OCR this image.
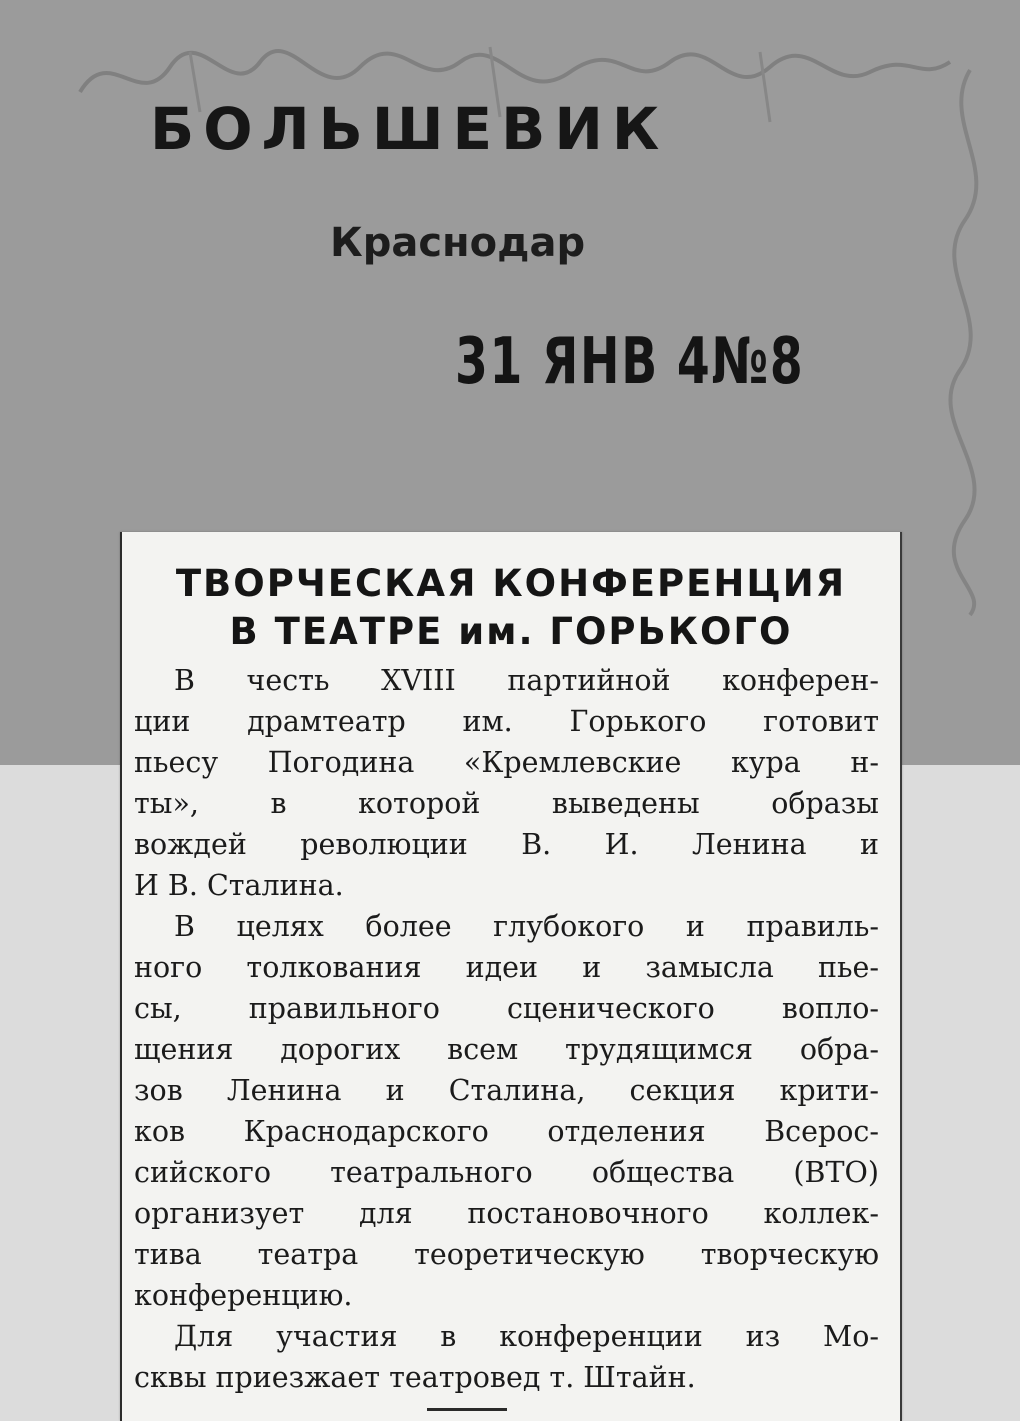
БОЛЬШЕВИК
Краснодар
31 ЯНВ 4№8
ТВОРЧЕСКАЯ КОНФЕРЕНЦИЯ
В ТЕАТРЕ им. ГОРЬКОГО
В честь XVIII партийной конферен-
ции драмтеатр им. Горького готовит
пьесу Погодина «Кремлевские кура н-
ты», в которой выведены образы
вождей революции В. И. Ленина и
И В. Сталина.
В целях более глубокого и правиль-
ного толкования идеи и замысла пье-
сы, правильного сценического вопло-
щения дорогих всем трудящимся обра-
зов Ленина и Сталина, секция крити-
ков Краснодарского отделения Всерос-
сийского театрального общества (ВТО)
организует для постановочного коллек-
тива театра теоретическую творческую
конференцию.
Для участия в конференции из Мо-
сквы приезжает театровед т. Штайн.
